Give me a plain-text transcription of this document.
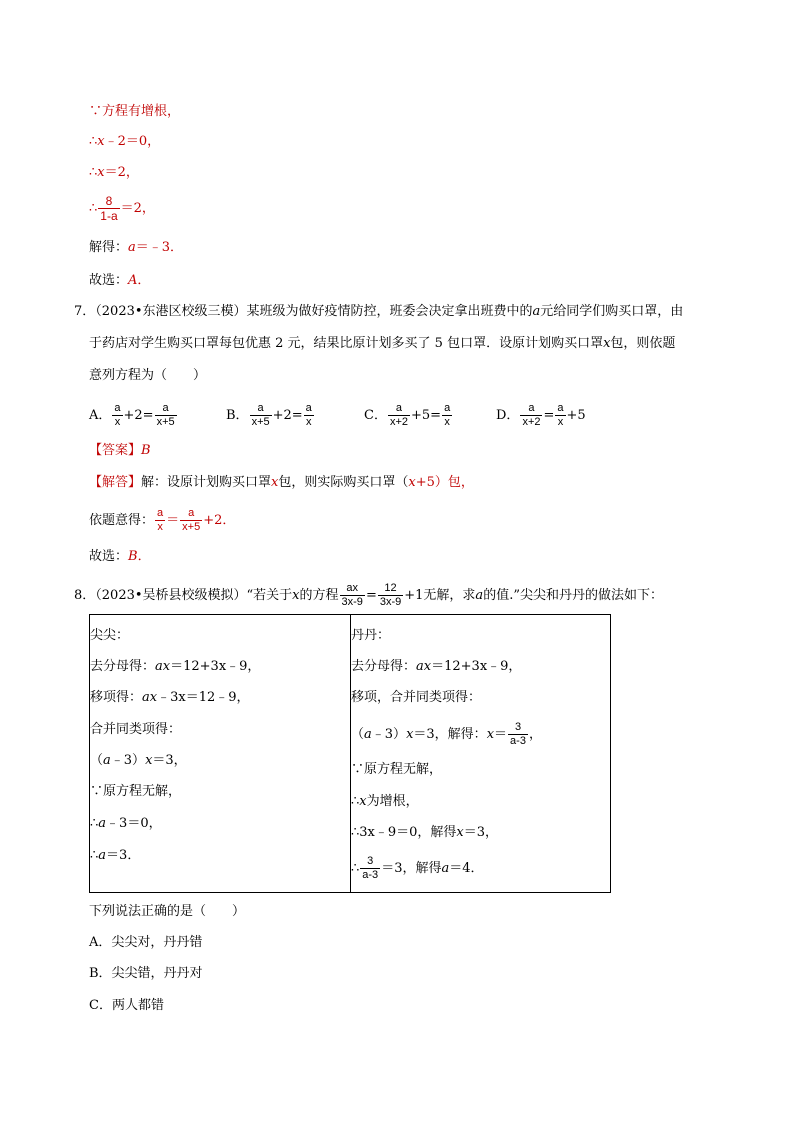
∵方程有增根，
∴x﹣2＝0，
∴x＝2，
∴ $\frac{8}{1-a} =2$，
解得：a＝﹣3．
故选：A．
7．（2023•东港区校级三模）某班级为做好疫情防控，班委会决定拿出班费中的a元给同学们购买口罩，由
于药店对学生购买口罩每包优惠 2 元，结果比原计划多买了 5 包口罩．设原计划购买口罩x包，则依题
意列方程为（　　）
A． $\frac{a}{x} +2= \frac{a}{x+5}$	B． $\frac{a}{x+5} +2= \frac{a}{x}$	C． $\frac{a}{x+2} +5= \frac{a}{x}$	D． $\frac{a}{x+2} = \frac{a}{x} +5$
【答案】B
【解答】解：设原计划购买口罩x包，则实际购买口罩（x+5）包，
依题意得： $\frac{a}{x} = \frac{a}{x+5} +2$．
故选：B．
8．（2023•吴桥县校级模拟）“若关于x的方程 $\frac{ax}{3x-9} = \frac{12}{3x-9} +1$无解，求a的值.”尖尖和丹丹的做法如下：
尖尖：
去分母得：ax＝12+3x﹣9，
移项得：ax﹣3x＝12﹣9，
合并同类项得：
（a﹣3）x＝3，
∵原方程无解，
∴a﹣3＝0，
∴a＝3．
丹丹：
去分母得：ax＝12+3x﹣9，
移项，合并同类项得：
（a﹣3）x＝3，解得：$x= \frac{3}{a-3}$ ，
∵原方程无解，
∴x为增根，
∴3x﹣9＝0，解得x＝3，
∴ $\frac{3}{a-3} =3$，解得a＝4．
下列说法正确的是（　　）
A．尖尖对，丹丹错
B．尖尖错，丹丹对
C．两人都错
